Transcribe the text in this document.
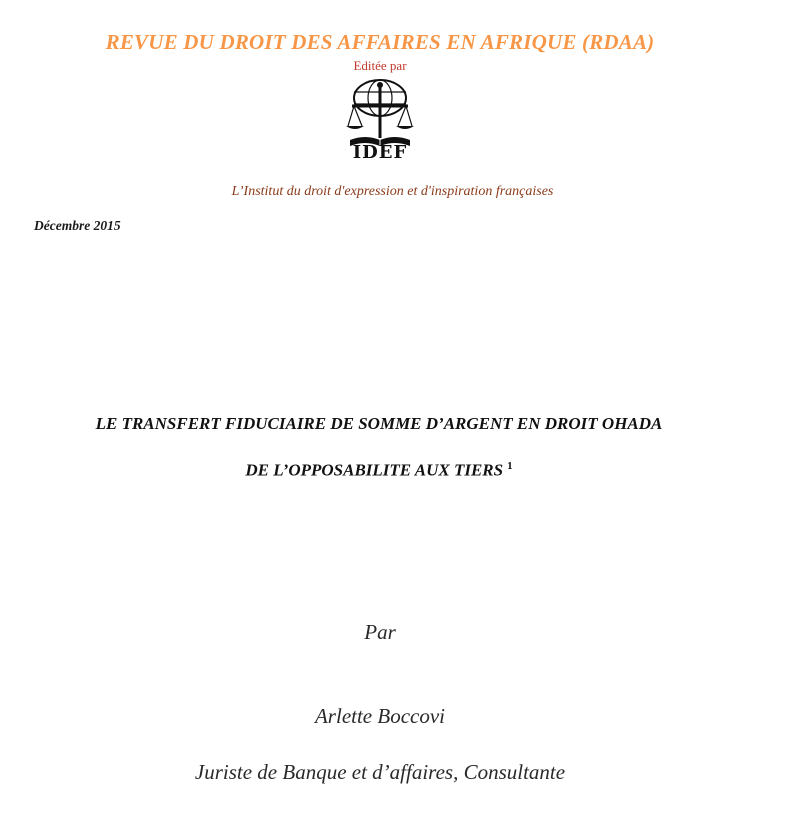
REVUE DU DROIT DES AFFAIRES EN AFRIQUE (RDAA)
Editée par
IDEF
L’Institut du droit d'expression et d'inspiration françaises
Décembre 2015
LE TRANSFERT FIDUCIAIRE DE SOMME D’ARGENT EN DROIT OHADA
DE L’OPPOSABILITE AUX TIERS $^1$
Par
Arlette Boccovi
Juriste de Banque et d’affaires, Consultante
